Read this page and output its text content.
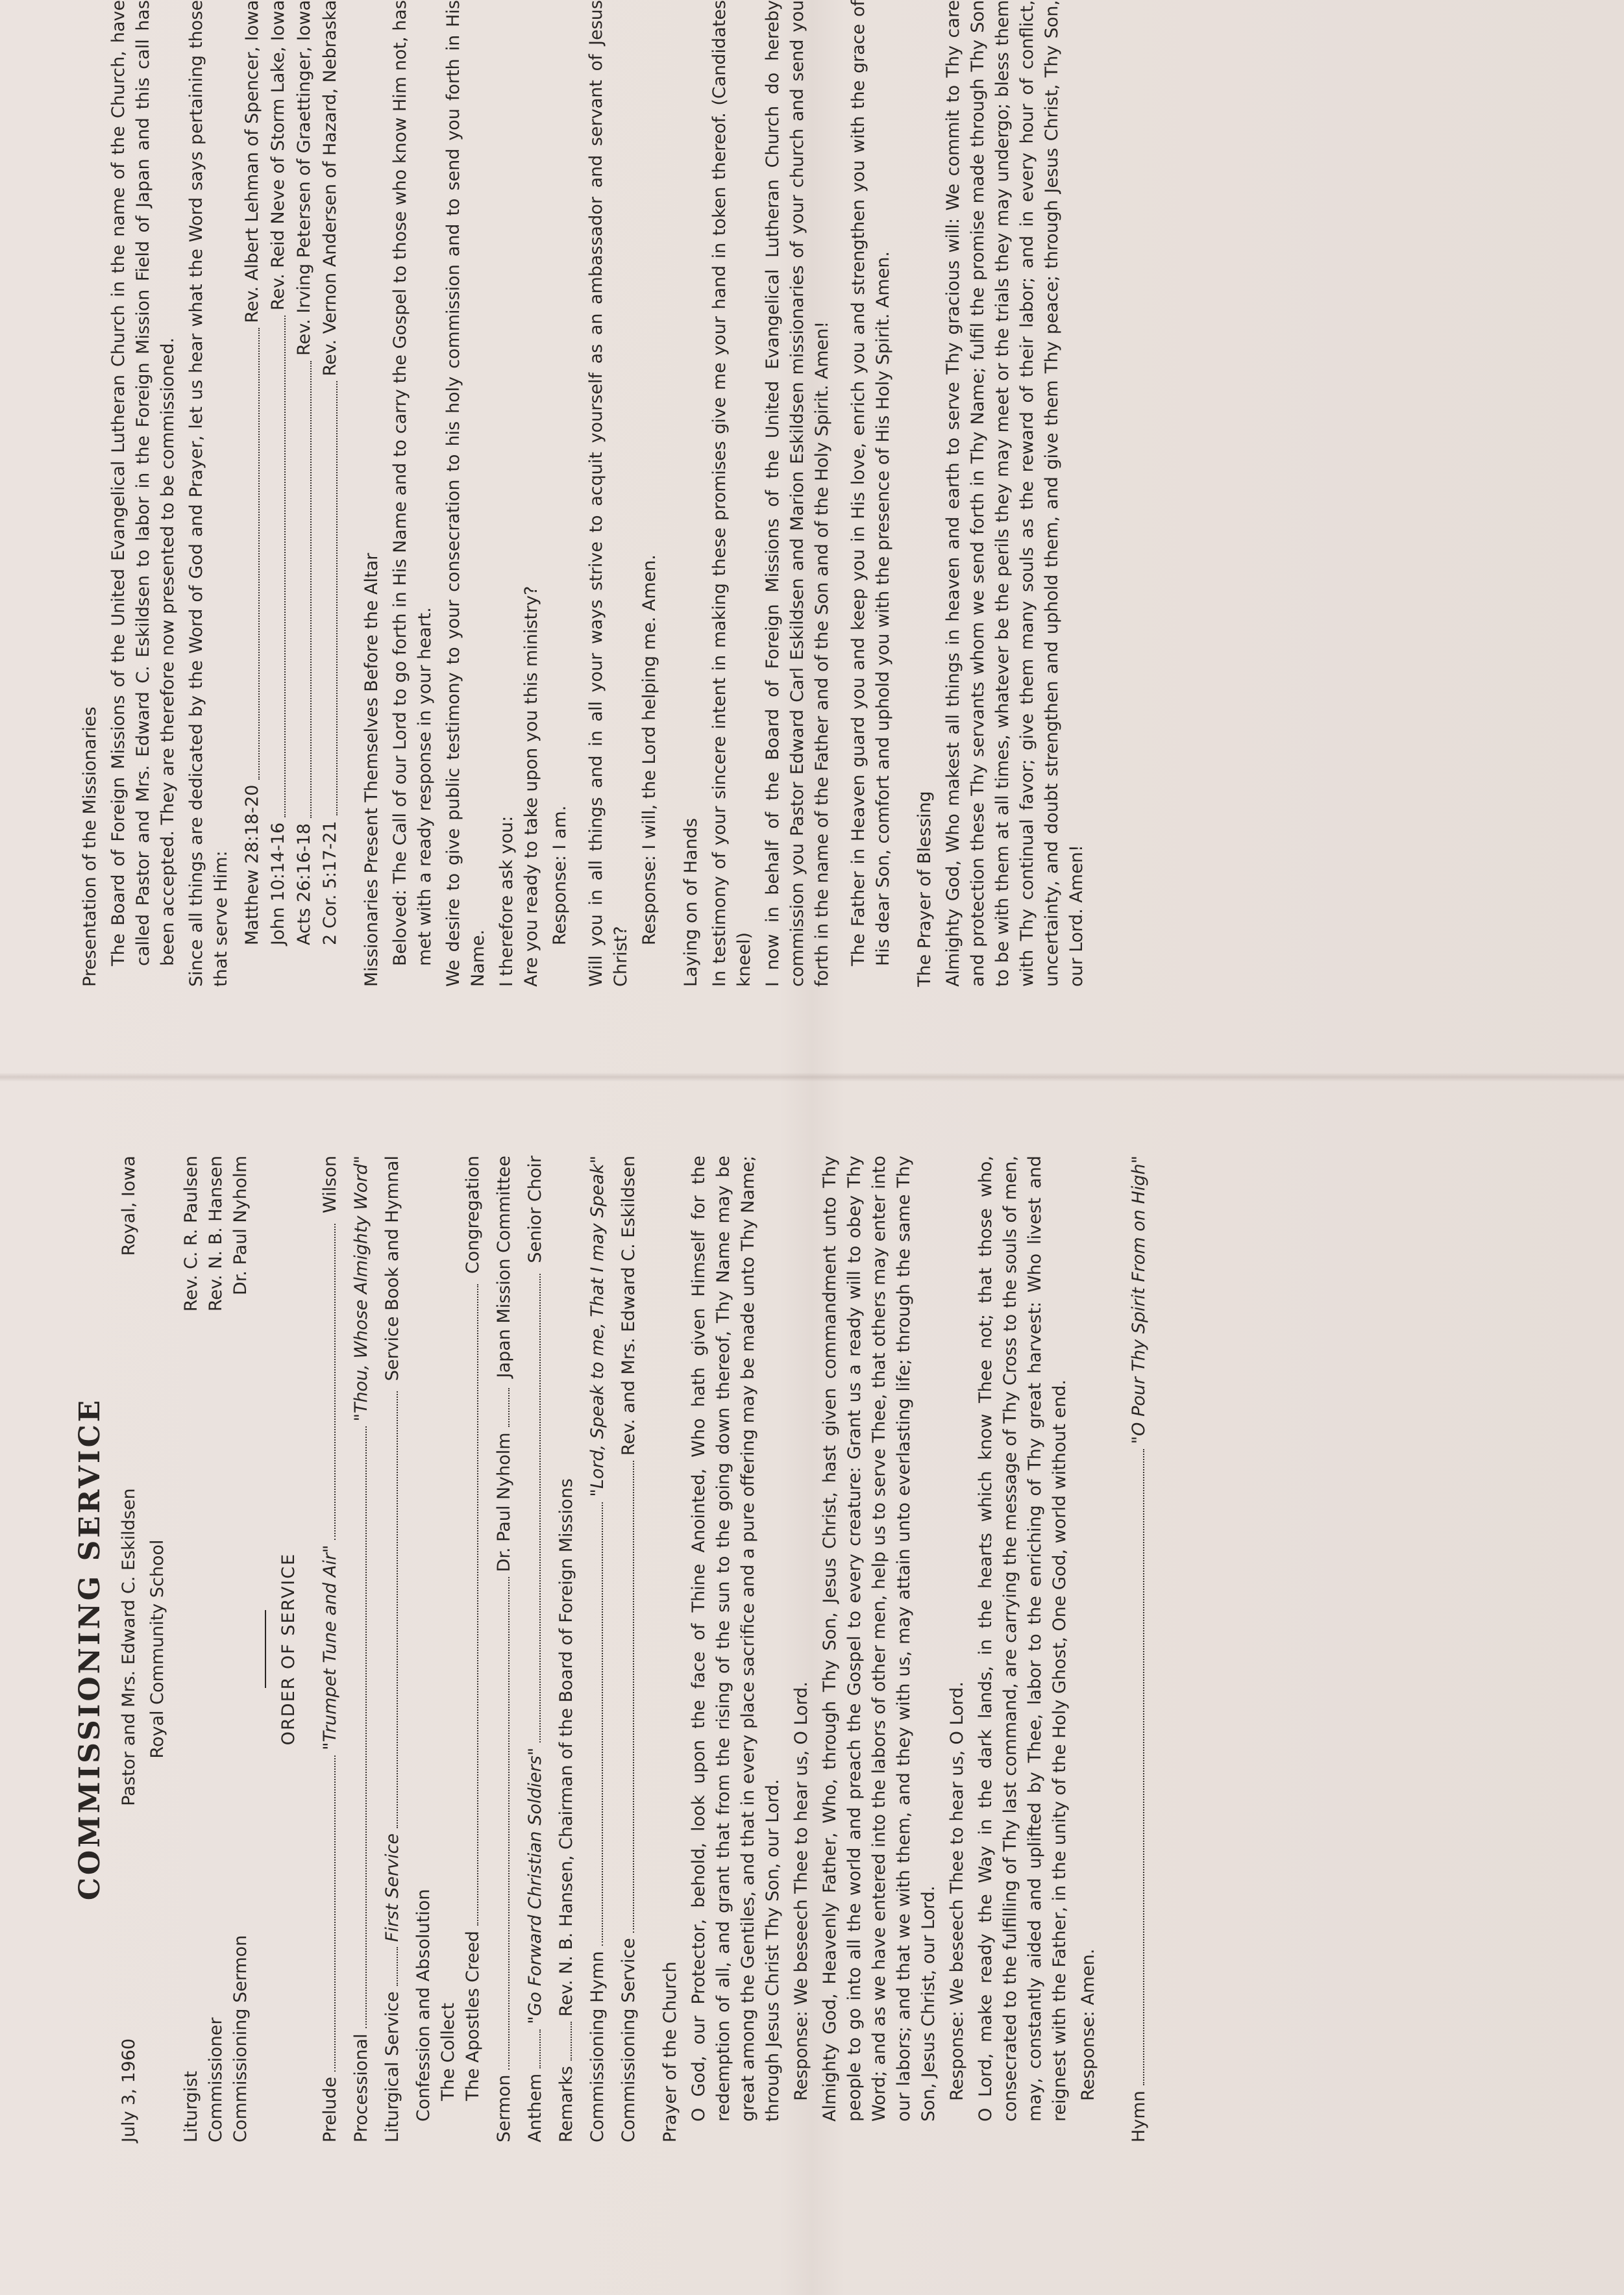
COMMISSIONING SERVICE
July 3, 1960
Pastor and Mrs. Edward C. Eskildsen
Royal, Iowa
Royal Community School
Liturgist Commissioner Commissioning Sermon
Rev. C. R. Paulsen Rev. N. B. Hansen Dr. Paul Nyholm
ORDER OF SERVICE
Prelude
"Trumpet Tune and Air"
Wilson
Processional
"Thou, Whose Almighty Word"
Liturgical Service
First Service
Service Book and Hymnal
Confession and Absolution The Collect The Apostles Creed
Congregation
Sermon
Dr. Paul Nyholm
Japan Mission Committee
Anthem
"Go Forward Christian Soldiers"
Senior Choir
Remarks
Rev. N. B. Hansen, Chairman of the Board of Foreign Missions
Commissioning Hymn
"Lord, Speak to me, That I may Speak"
Commissioning Service
Rev. and Mrs. Edward C. Eskildsen
Prayer of the Church O God, our Protector, behold, look upon the face of Thine Anointed, Who hath given Himself for the redemption of all, and grant that from the rising of the sun to the going down thereof, Thy Name may be great among the Gentiles, and that in every place sacrifice and a pure offering may be made unto Thy Name; through Jesus Christ Thy Son, our Lord. Response: We beseech Thee to hear us, O Lord. Almighty God, Heavenly Father, Who, through Thy Son, Jesus Christ, hast given commandment unto Thy people to go into all the world and preach the Gospel to every creature: Grant us a ready will to obey Thy Word; and as we have entered into the labors of other men, help us to serve Thee, that others may enter into our labors; and that we with them, and they with us, may attain unto everlasting life; through the same Thy Son, Jesus Christ, our Lord. Response: We beseech Thee to hear us, O Lord. O Lord, make ready the Way in the dark lands, in the hearts which know Thee not; that those who, consecrated to the fulfilling of Thy last command, are carrying the message of Thy Cross to the souls of men, may, constantly aided and uplifted by Thee, labor to the enriching of Thy great harvest: Who livest and reignest with the Father, in the unity of the Holy Ghost, One God, world without end. Response: Amen.
Hymn
"O Pour Thy Spirit From on High"
Presentation of the Missionaries The Board of Foreign Missions of the United Evangelical Lutheran Church in the name of the Church, have called Pastor and Mrs. Edward C. Eskildsen to labor in the Foreign Mission Field of Japan and this call has been accepted. They are therefore now presented to be commissioned. Since all things are dedicated by the Word of God and Prayer, let us hear what the Word says pertaining those that serve Him: Matthew 28:18-20
Rev. Albert Lehman of Spencer, Iowa
John 10:14-16
Rev. Reid Neve of Storm Lake, Iowa
Acts 26:16-18
Rev. Irving Petersen of Graettinger, Iowa
2 Cor. 5:17-21
Rev. Vernon Andersen of Hazard, Nebraska
Missionaries Present Themselves Before the Altar Beloved: The Call of our Lord to go forth in His Name and to carry the Gospel to those who know Him not, has met with a ready response in your heart. We desire to give public testimony to your consecration to his holy commission and to send you forth in His Name. I therefore ask you: Are you ready to take upon you this ministry? Response: I am. Will you in all things and in all your ways strive to acquit yourself as an ambassador and servant of Jesus Christ?
Response: I will, the Lord helping me. Amen. Laying on of Hands In testimony of your sincere intent in making these promises give me your hand in token thereof. (Candidates kneel) I now in behalf of the Board of Foreign Missions of the United Evangelical Lutheran Church do hereby commission you Pastor Edward Carl Eskildsen and Marion Eskildsen missionaries of your church and send you forth in the name of the Father and of the Son and of the Holy Spirit. Amen! The Father in Heaven guard you and keep you in His love, enrich you and strengthen you with the grace of His dear Son, comfort and uphold you with the presence of His Holy Spirit. Amen. The Prayer of Blessing Almighty God, Who makest all things in heaven and earth to serve Thy gracious will: We commit to Thy care and protection these Thy servants whom we send forth in Thy Name; fulfil the promise made through Thy Son to be with them at all times, whatever be the perils they may meet or the trials they may undergo; bless them with Thy continual favor; give them many souls as the reward of their labor; and in every hour of conflict, uncertainty, and doubt strengthen and uphold them, and give them Thy peace; through Jesus Christ, Thy Son, our Lord. Amen!
